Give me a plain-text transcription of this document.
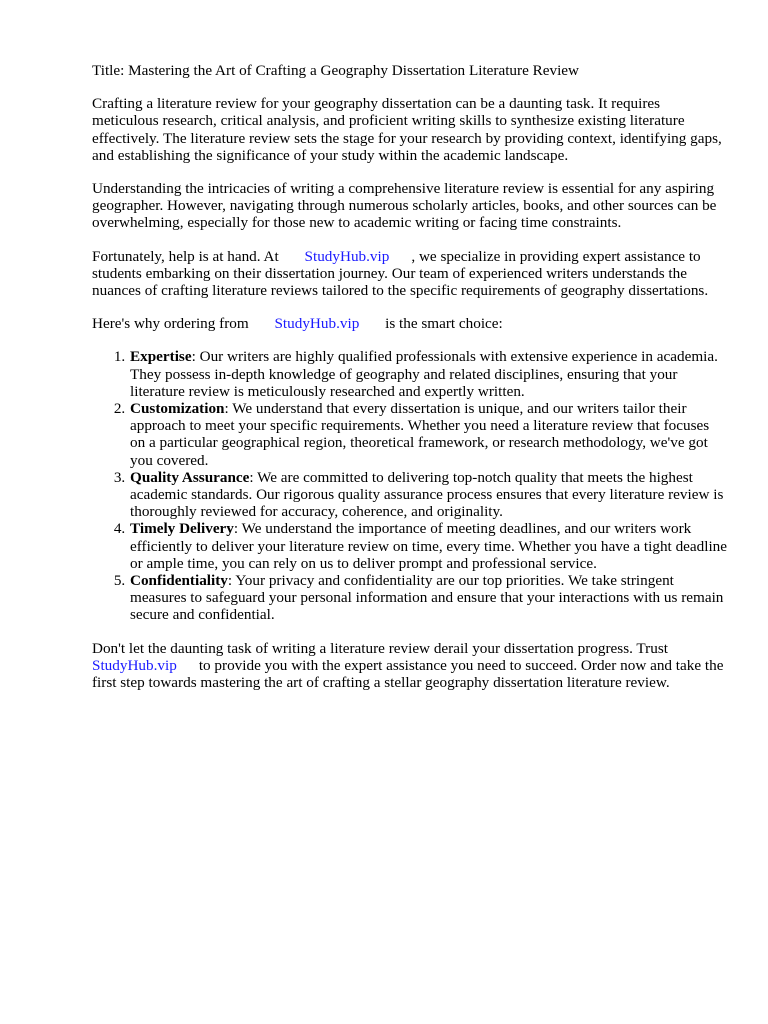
Title: Mastering the Art of Crafting a Geography Dissertation Literature Review

Crafting a literature review for your geography dissertation can be a daunting task. It requires meticulous research, critical analysis, and proficient writing skills to synthesize existing literature effectively. The literature review sets the stage for your research by providing context, identifying gaps, and establishing the significance of your study within the academic landscape.

Understanding the intricacies of writing a comprehensive literature review is essential for any aspiring geographer. However, navigating through numerous scholarly articles, books, and other sources can be overwhelming, especially for those new to academic writing or facing time constraints.

Fortunately, help is at hand. At StudyHub.vip , we specialize in providing expert assistance to students embarking on their dissertation journey. Our team of experienced writers understands the nuances of crafting literature reviews tailored to the specific requirements of geography dissertations.

Here's why ordering from StudyHub.vip is the smart choice:

1. Expertise: Our writers are highly qualified professionals with extensive experience in academia. They possess in-depth knowledge of geography and related disciplines, ensuring that your literature review is meticulously researched and expertly written.
2. Customization: We understand that every dissertation is unique, and our writers tailor their approach to meet your specific requirements. Whether you need a literature review that focuses on a particular geographical region, theoretical framework, or research methodology, we've got you covered.
3. Quality Assurance: We are committed to delivering top-notch quality that meets the highest academic standards. Our rigorous quality assurance process ensures that every literature review is thoroughly reviewed for accuracy, coherence, and originality.
4. Timely Delivery: We understand the importance of meeting deadlines, and our writers work efficiently to deliver your literature review on time, every time. Whether you have a tight deadline or ample time, you can rely on us to deliver prompt and professional service.
5. Confidentiality: Your privacy and confidentiality are our top priorities. We take stringent measures to safeguard your personal information and ensure that your interactions with us remain secure and confidential.

Don't let the daunting task of writing a literature review derail your dissertation progress. Trust StudyHub.vip to provide you with the expert assistance you need to succeed. Order now and take the first step towards mastering the art of crafting a stellar geography dissertation literature review.
